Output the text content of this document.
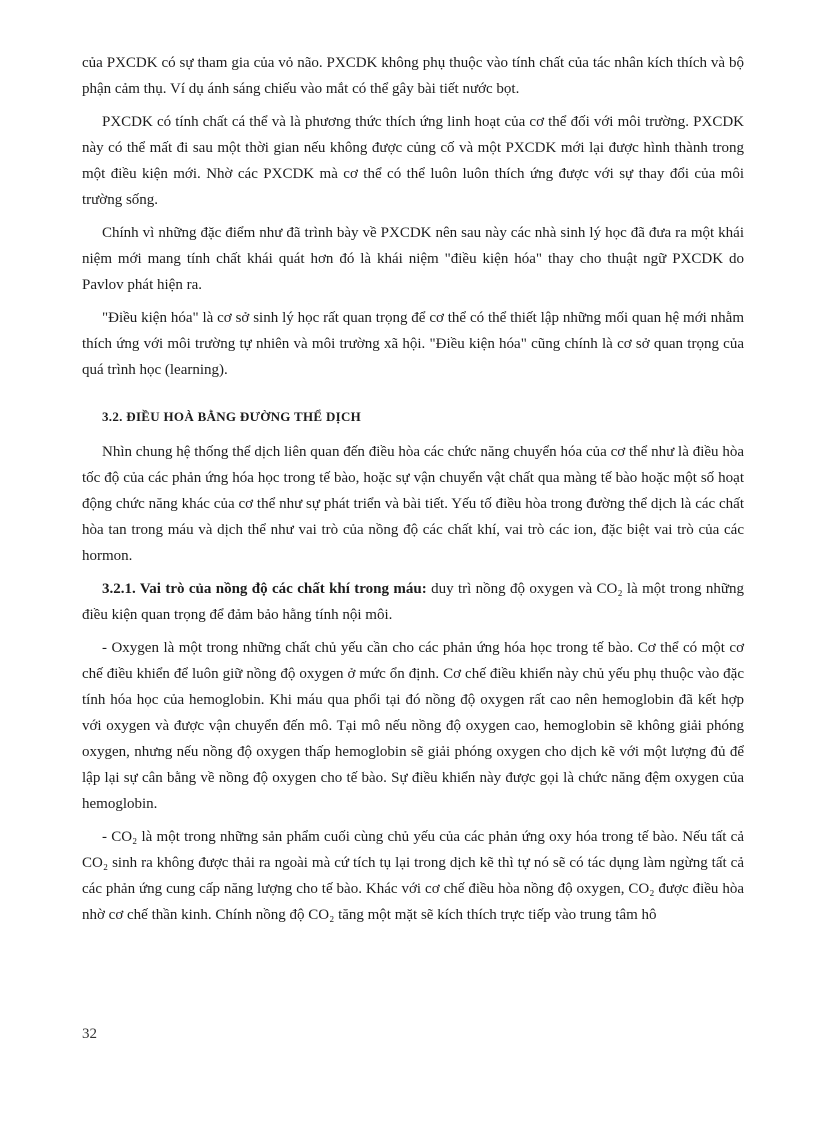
của PXCDK có sự tham gia của vỏ não. PXCDK không phụ thuộc vào tính chất của tác nhân kích thích và bộ phận cảm thụ. Ví dụ ánh sáng chiếu vào mắt có thể gây bài tiết nước bọt.

PXCDK có tính chất cá thể và là phương thức thích ứng linh hoạt của cơ thể đối với môi trường. PXCDK này có thể mất đi sau một thời gian nếu không được củng cố và một PXCDK mới lại được hình thành trong một điều kiện mới. Nhờ các PXCDK mà cơ thể có thể luôn luôn thích ứng được với sự thay đổi của môi trường sống.

Chính vì những đặc điểm như đã trình bày về PXCDK nên sau này các nhà sinh lý học đã đưa ra một khái niệm mới mang tính chất khái quát hơn đó là khái niệm "điều kiện hóa" thay cho thuật ngữ PXCDK do Pavlov phát hiện ra.

"Điều kiện hóa" là cơ sở sinh lý học rất quan trọng để cơ thể có thể thiết lập những mối quan hệ mới nhằm thích ứng với môi trường tự nhiên và môi trường xã hội. "Điều kiện hóa" cũng chính là cơ sở quan trọng của quá trình học (learning).

3.2. ĐIỀU HOÀ BẰNG ĐƯỜNG THỂ DỊCH

Nhìn chung hệ thống thể dịch liên quan đến điều hòa các chức năng chuyển hóa của cơ thể như là điều hòa tốc độ của các phản ứng hóa học trong tế bào, hoặc sự vận chuyển vật chất qua màng tế bào hoặc một số hoạt động chức năng khác của cơ thể như sự phát triển và bài tiết. Yếu tố điều hòa trong đường thể dịch là các chất hòa tan trong máu và dịch thể như vai trò của nồng độ các chất khí, vai trò các ion, đặc biệt vai trò của các hormon.

3.2.1. Vai trò của nồng độ các chất khí trong máu: duy trì nồng độ oxygen và CO₂ là một trong những điều kiện quan trọng để đảm bảo hằng tính nội môi.

- Oxygen là một trong những chất chủ yếu cần cho các phản ứng hóa học trong tế bào. Cơ thể có một cơ chế điều khiển để luôn giữ nồng độ oxygen ở mức ổn định. Cơ chế điều khiển này chủ yếu phụ thuộc vào đặc tính hóa học của hemoglobin. Khi máu qua phổi tại đó nồng độ oxygen rất cao nên hemoglobin đã kết hợp với oxygen và được vận chuyển đến mô. Tại mô nếu nồng độ oxygen cao, hemoglobin sẽ không giải phóng oxygen, nhưng nếu nồng độ oxygen thấp hemoglobin sẽ giải phóng oxygen cho dịch kẽ với một lượng đủ để lập lại sự cân bằng về nồng độ oxygen cho tế bào. Sự điều khiển này được gọi là chức năng đệm oxygen của hemoglobin.

- CO₂ là một trong những sản phẩm cuối cùng chủ yếu của các phản ứng oxy hóa trong tế bào. Nếu tất cả CO₂ sinh ra không được thải ra ngoài mà cứ tích tụ lại trong dịch kẽ thì tự nó sẽ có tác dụng làm ngừng tất cả các phản ứng cung cấp năng lượng cho tế bào. Khác với cơ chế điều hòa nồng độ oxygen, CO₂ được điều hòa nhờ cơ chế thần kinh. Chính nồng độ CO₂ tăng một mặt sẽ kích thích trực tiếp vào trung tâm hô

32
